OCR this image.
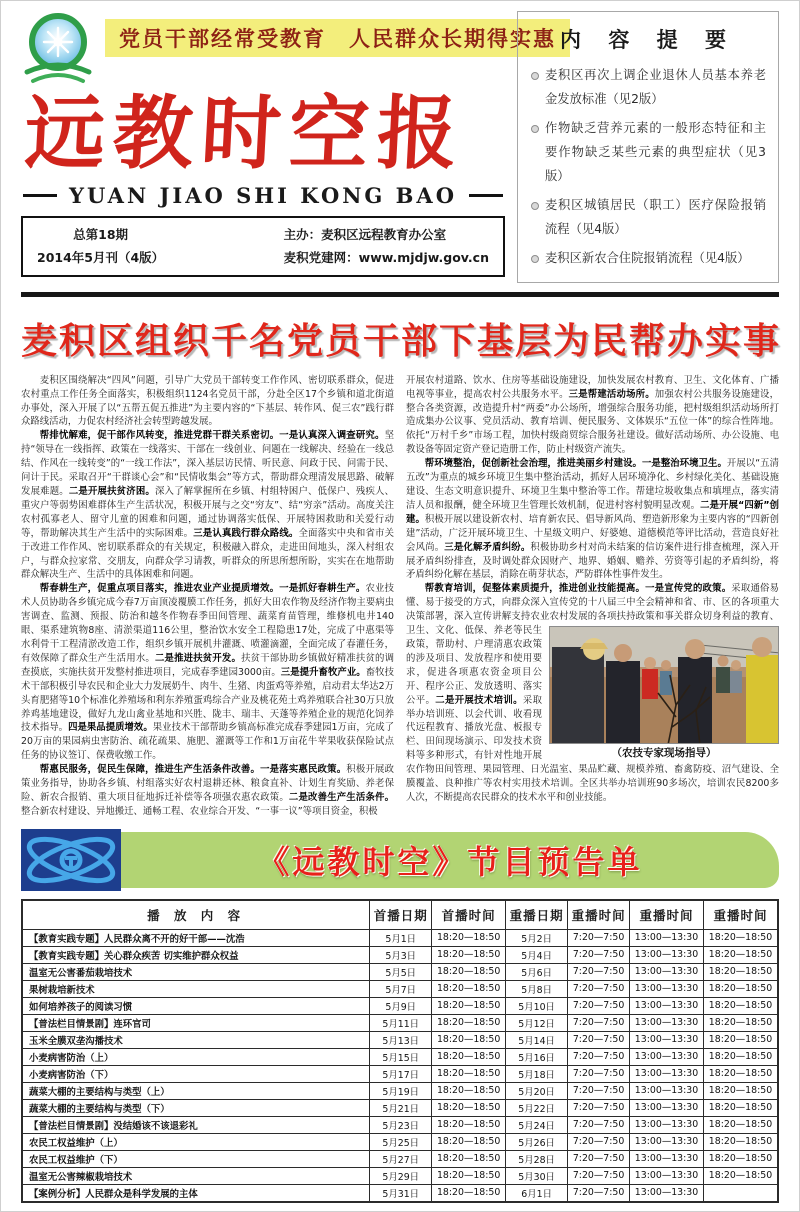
党员干部经常受教育　人民群众长期得实惠
远教时空报
YUAN JIAO SHI KONG BAO
总第18期
2014年5月刊（4版）
主办：麦积区远程教育办公室
麦积党建网：www.mjdjw.gov.cn
内 容 提 要
麦积区再次上调企业退休人员基本养老金发放标准（见2版）
作物缺乏营养元素的一般形态特征和主要作物缺乏某些元素的典型症状（见3版）
麦积区城镇居民（职工）医疗保险报销流程（见4版）
麦积区新农合住院报销流程（见4版）
麦积区组织千名党员干部下基层为民帮办实事

麦积区围绕解决“四风”问题，引导广大党员干部转变工作作风、密切联系群众，促进农村重点工作任务全面落实，积极组织1124名党员干部，分赴全区17个乡镇和道北街道办事处，深入开展了以“五帮五促五推进”为主要内容的“下基层、转作风、促三农”践行群众路线活动，力促农村经济社会转型跨越发展。

帮排忧解难，促干部作风转变，推进党群干群关系密切。一是认真深入调查研究。坚持“领导在一线指挥、政策在一线落实、干部在一线创业、问题在一线解决、经验在一线总结、作风在一线转变”的“一线工作法”，深入基层访民情、听民意、问政于民、问需于民、问计于民。采取召开“干群谈心会”和“民情收集会”等方式，帮助群众理清发展思路、破解发展难题。二是开展扶贫济困。深入了解掌握所在乡镇、村组特困户、低保户、残疾人、重灾户等弱势困难群体生产生活状况，积极开展与之交“穷友”、结“穷亲”活动。高度关注农村孤寡老人、留守儿童的困难和问题，通过协调落实低保、开展特困救助和关爱行动等，帮助解决其生产生活中的实际困难。三是认真践行群众路线。全面落实中央和省市关于改进工作作风、密切联系群众的有关规定，积极融入群众，走进田间地头，深入村组农户，与群众拉家常、交朋友，向群众学习请教，听群众的所思所想所盼，实实在在地帮助群众解决生产、生活中的具体困难和问题。

帮春耕生产，促重点项目落实，推进农业产业提质增效。一是抓好春耕生产。农业技术人员协助各乡镇完成今春7万亩顶凌覆膜工作任务，抓好大田农作物及经济作物主要病虫害调查、监测、预报、防治和越冬作物春季田间管理、蔬菜育苗管理，维修机电井140眼、渠系建筑物8座、清淤渠道116公里，整治饮水安全工程隐患17处，完成了中惠渠等水利骨干工程清淤改造工作，组织乡镇开展机井灌溉、喷灌滴灌，全面完成了春灌任务，有效保障了群众生产生活用水。二是推进扶贫开发。扶贫干部协助乡镇做好精准扶贫的调查摸底，实施扶贫开发整村推进项目，完成春季建园3000亩。三是提升畜牧产业。畜牧技术干部积极引导农民和企业大力发展奶牛、肉牛、生猪、肉蛋鸡等养殖，启动君太华达2万头育肥猪等10个标准化养殖场和利东养殖蛋鸡综合产业及桃花苑土鸡养殖联合社30万只放养鸡基地建设，做好九龙山禽业基地和兴胜、陇丰、瑞丰、天蓬等养殖企业的规范化饲养技术指导。四是果品提质增效。果业技术干部帮助乡镇高标准完成春季建园1万亩，完成了20万亩的果园病虫害防治、疏花疏果、施肥、灌溉等工作和1万亩花牛苹果收获保险试点任务的协议签订、保费收缴工作。

帮惠民服务，促民生保障，推进生产生活条件改善。一是落实惠民政策。积极开展政策业务指导，协助各乡镇、村组落实好农村退耕还林、粮食直补、计划生育奖励、养老保险、新农合报销、重大项目征地拆迁补偿等各项强农惠农政策。二是改善生产生活条件。整合新农村建设、异地搬迁、通畅工程、农业综合开发、“一事一议”等项目资金，积极

开展农村道路、饮水、住房等基础设施建设，加快发展农村教育、卫生、文化体育、广播电视等事业，提高农村公共服务水平。三是帮建活动场所。加强农村公共服务设施建设，整合各类资源，改造提升村“两委”办公场所，增强综合服务功能，把村级组织活动场所打造成集办公议事、党员活动、教育培训、便民服务、文体娱乐“五位一体”的综合性阵地。依托“万村千乡”市场工程，加快村级商贸综合服务社建设。做好活动场所、办公设施、电教设备等固定资产登记造册工作，防止村级资产流失。

帮环境整治，促创新社会治理，推进美丽乡村建设。一是整治环境卫生。开展以“五清五改”为重点的城乡环境卫生集中整治活动，抓好人居环境净化、乡村绿化美化、基础设施建设、生态文明意识提升、环境卫生集中整治等工作。帮建垃圾收集点和填埋点，落实清洁人员和报酬，健全环境卫生管理长效机制，促进村容村貌明显改观。二是开展“四新”创建。积极开展以建设新农村、培育新农民、倡导新风尚、塑造新形象为主要内容的“四新创建”活动，广泛开展环境卫生、十星级文明户、好婆媳、道德模范等评比活动，营造良好社会风尚。三是化解矛盾纠纷。积极协助乡村对尚未结案的信访案件进行排查梳理，深入开展矛盾纠纷排查，及时调处群众因财产、地界、婚姻、赡养、劳资等引起的矛盾纠纷，将矛盾纠纷化解在基层，消除在萌芽状态，严防群体性事件发生。

帮教育培训，促整体素质提升，推进创业技能提高。一是宣传党的政策。采取通俗易懂、易于接受的方式，向群众深入宣传党的十八届三中全会精神和省、市、区的各项重大决策部署，深入宣传讲解支持农业农村发展的各项扶持政策和事关群众切身利益的教育、卫
（农技专家现场指导）
生、文化、低保、养老等民生政策，帮助村、户理清惠农政策的涉及项目、发放程序和使用要求，促进各项惠农资金项目公开、程序公正、发放透明、落实公平。二是开展技术培训。采取举办培训班、以会代训、收看现代远程教育、播放光盘、板报专栏、田间现场演示、印发技术资料等多种形式，有针对性地开展农作物田间管理、果园管理、日光温室、果品贮藏、规模养殖、畜禽防疫、沼气建设、全膜覆盖、良种推广等农村实用技术培训。全区共举办培训班90多场次，培训农民8200多人次，不断提高农民群众的技术水平和创业技能。

《远教时空》节目预告单
播 放 内 容	首播日期	首播时间	重播日期	重播时间	重播时间	重播时间
【教育实践专题】人民群众离不开的好干部——沈浩	5月1日	18:20—18:50	5月2日	7:20—7:50	13:00—13:30	18:20—18:50
【教育实践专题】关心群众疾苦 切实维护群众权益	5月3日	18:20—18:50	5月4日	7:20—7:50	13:00—13:30	18:20—18:50
温室无公害番茄栽培技术	5月5日	18:20—18:50	5月6日	7:20—7:50	13:00—13:30	18:20—18:50
果树栽培新技术	5月7日	18:20—18:50	5月8日	7:20—7:50	13:00—13:30	18:20—18:50
如何培养孩子的阅读习惯	5月9日	18:20—18:50	5月10日	7:20—7:50	13:00—13:30	18:20—18:50
【普法栏目情景剧】连环官司	5月11日	18:20—18:50	5月12日	7:20—7:50	13:00—13:30	18:20—18:50
玉米全膜双垄沟播技术	5月13日	18:20—18:50	5月14日	7:20—7:50	13:00—13:30	18:20—18:50
小麦病害防治（上）	5月15日	18:20—18:50	5月16日	7:20—7:50	13:00—13:30	18:20—18:50
小麦病害防治（下）	5月17日	18:20—18:50	5月18日	7:20—7:50	13:00—13:30	18:20—18:50
蔬菜大棚的主要结构与类型（上）	5月19日	18:20—18:50	5月20日	7:20—7:50	13:00—13:30	18:20—18:50
蔬菜大棚的主要结构与类型（下）	5月21日	18:20—18:50	5月22日	7:20—7:50	13:00—13:30	18:20—18:50
【普法栏目情景剧】没结婚该不该退彩礼	5月23日	18:20—18:50	5月24日	7:20—7:50	13:00—13:30	18:20—18:50
农民工权益维护（上）	5月25日	18:20—18:50	5月26日	7:20—7:50	13:00—13:30	18:20—18:50
农民工权益维护（下）	5月27日	18:20—18:50	5月28日	7:20—7:50	13:00—13:30	18:20—18:50
温室无公害辣椒栽培技术	5月29日	18:20—18:50	5月30日	7:20—7:50	13:00—13:30	18:20—18:50
【案例分析】人民群众是科学发展的主体	5月31日	18:20—18:50	6月1日	7:20—7:50	13:00—13:30	
